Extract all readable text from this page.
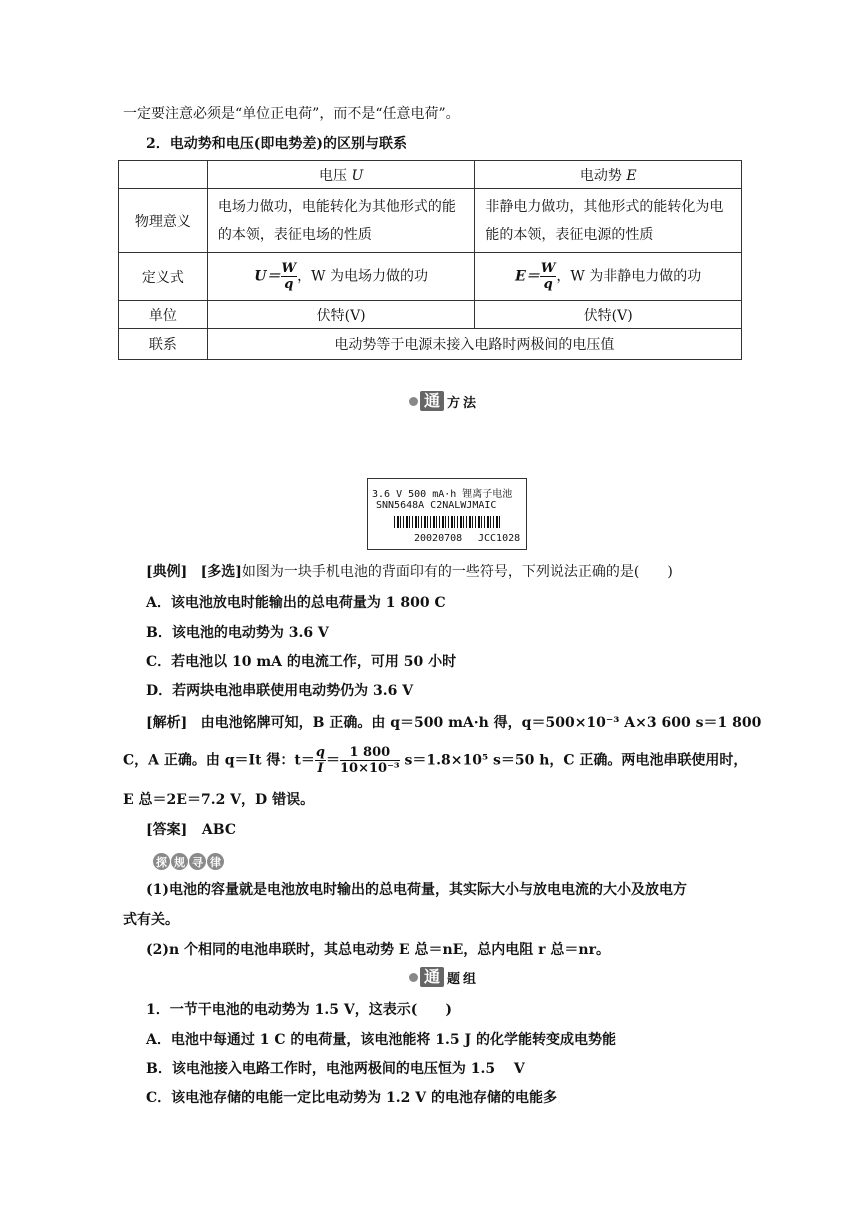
一定要注意必须是“单位正电荷”，而不是“任意电荷”。
2．电动势和电压(即电势差)的区别与联系
	电压 U	电动势 E
物理意义	电场力做功，电能转化为其他形式的能的本领，表征电场的性质	非静电力做功，其他形式的能转化为电能的本领，表征电源的性质
定义式	$U= \frac{W}{q}$ ，W 为电场力做的功	$E= \frac{W}{q}$ ，W 为非静电力做的功
单位	伏特(V)	伏特(V)
联系	电动势等于电源未接入电路时两极间的电压值	
通 方法
3.6 V 500 mA·h 锂离子电池
SNN5648A C2NALWJMAIC
20020708 JCC1028
[典例] [多选]如图为一块手机电池的背面印有的一些符号，下列说法正确的是(　　)
A．该电池放电时能输出的总电荷量为 1 800 C
B．该电池的电动势为 3.6 V
C．若电池以 10 mA 的电流工作，可用 50 小时
D．若两块电池串联使用电动势仍为 3.6 V
[解析] 由电池铭牌可知，B 正确。由 q＝500 mA·h 得，q＝500×10⁻³ A×3 600 s＝1 800
C，A 正确。由 q＝It 得：$t= \frac{q}{I} = \frac{1 800}{\text{10×10⁻³}} s=1.8\times 10^5$ s＝50 h，C 正确。两电池串联使用时，
E 总＝2E＝7.2 V，D 错误。
[答案] ABC
探 规 寻 律
(1)电池的容量就是电池放电时输出的总电荷量，其实际大小与放电电流的大小及放电方
式有关。
(2)n 个相同的电池串联时，其总电动势 E 总＝nE，总内电阻 r 总＝nr。
通 题组
1．一节干电池的电动势为 1.5 V，这表示(　　)
A．电池中每通过 1 C 的电荷量，该电池能将 1.5 J 的化学能转变成电势能
B．该电池接入电路工作时，电池两极间的电压恒为 1.5　 V
C．该电池存储的电能一定比电动势为 1.2 V 的电池存储的电能多
